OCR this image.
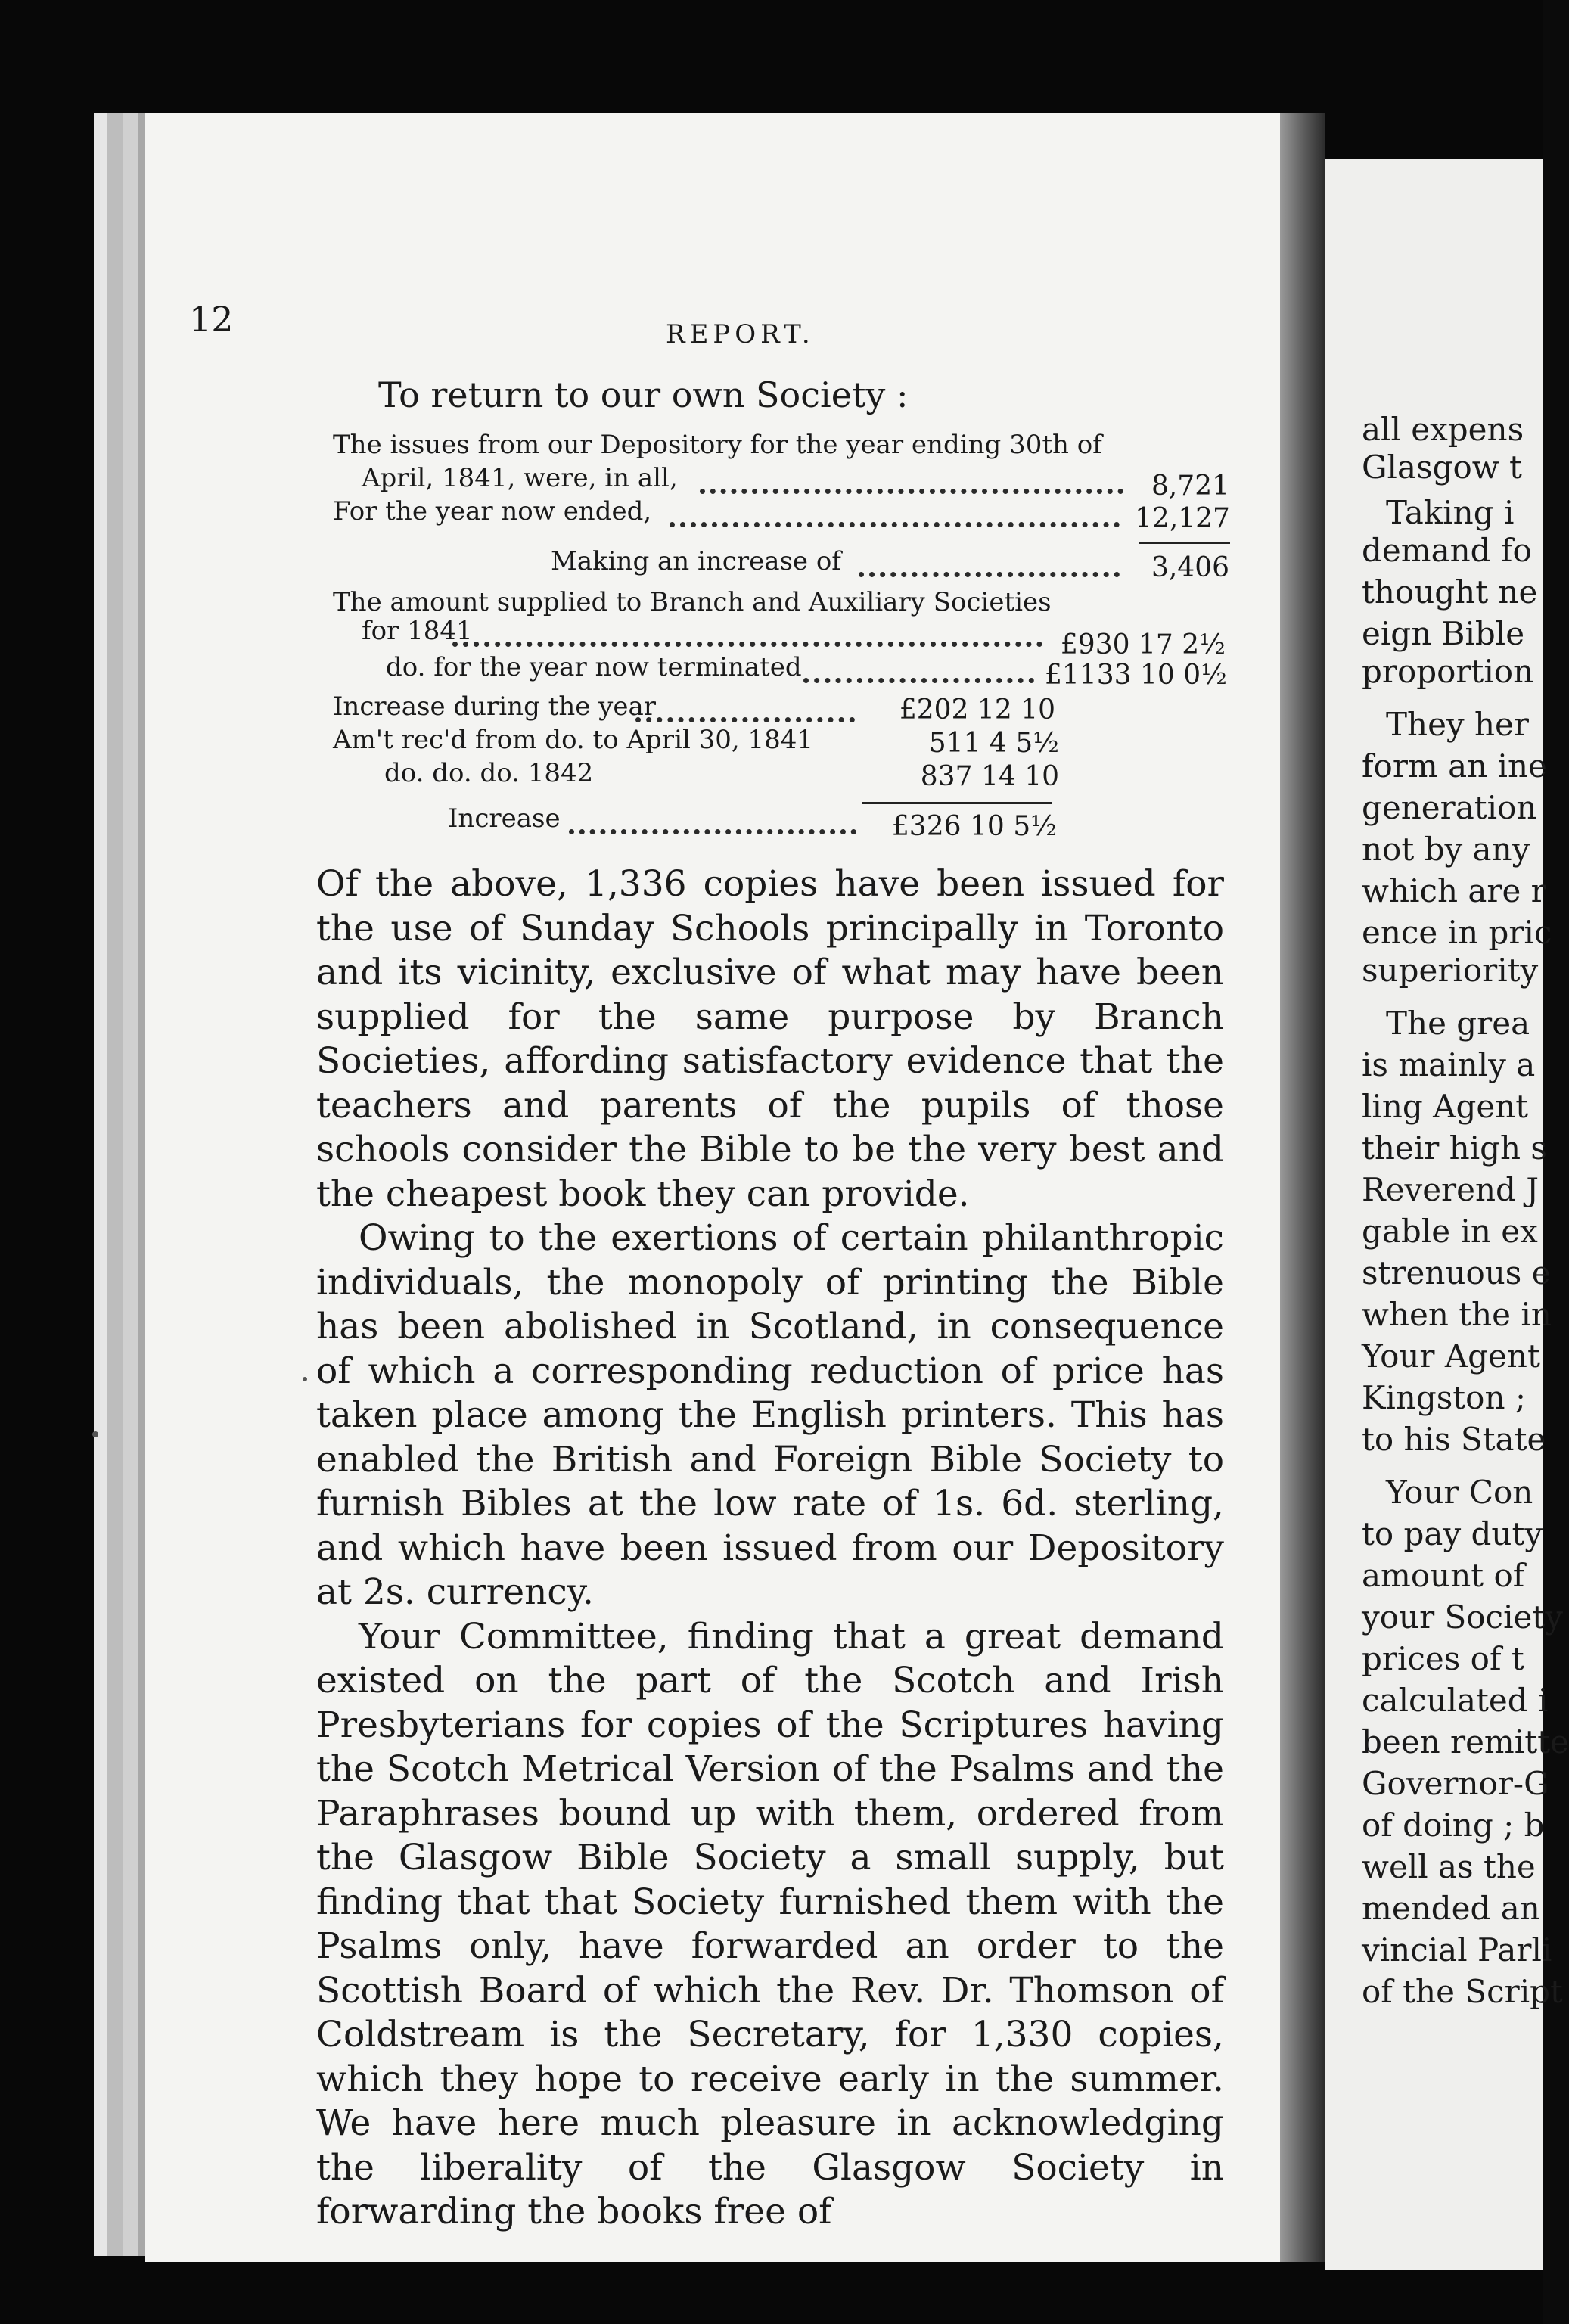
12	REPORT.
To return to our own Society :
The issues from our Depository for the year ending 30th of
April, 1841, were, in all,	8,721
For the year now ended,	12,127
Making an increase of	3,406
The amount supplied to Branch and Auxiliary Societies
for 1841	£930 17 2½
do. for the year now terminated	£1133 10 0½
Increase during the year	£202 12 10
Am't rec'd from do. to April 30, 1841	511 4 5½
do. do. do. 1842	837 14 10
Increase	£326 10 5½

Of the above, 1,336 copies have been issued for the use of Sunday Schools principally in Toronto and its vicinity, exclusive of what may have been supplied for the same purpose by Branch Societies, affording satisfactory evidence that the teachers and parents of the pupils of those schools consider the Bible to be the very best and the cheapest book they can provide.

Owing to the exertions of certain philanthropic individuals, the monopoly of printing the Bible has been abolished in Scotland, in consequence of which a corresponding reduction of price has taken place among the English printers. This has enabled the British and Foreign Bible Society to furnish Bibles at the low rate of 1s. 6d. sterling, and which have been issued from our Depository at 2s. currency.

Your Committee, finding that a great demand existed on the part of the Scotch and Irish Presbyterians for copies of the Scriptures having the Scotch Metrical Version of the Psalms and the Paraphrases bound up with them, ordered from the Glasgow Bible Society a small supply, but finding that that Society furnished them with the Psalms only, have forwarded an order to the Scottish Board of which the Rev. Dr. Thomson of Coldstream is the Secretary, for 1,330 copies, which they hope to receive early in the summer. We have here much pleasure in acknowledging the liberality of the Glasgow Society in forwarding the books free of

all expens
Glasgow t
Taking i
demand fo
thought ne
eign Bible
proportion
They her
form an ine
generation
not by any
which are r
ence in pric
superiority
The grea
is mainly a
ling Agent
their high s
Reverend J
gable in ex
strenuous e
when the in
Your Agent
Kingston ;
to his State
Your Con
to pay duty
amount of
your Society
prices of t
calculated i
been remitte
Governor-G
of doing ; b
well as the
mended an
vincial Parli
of the Script
